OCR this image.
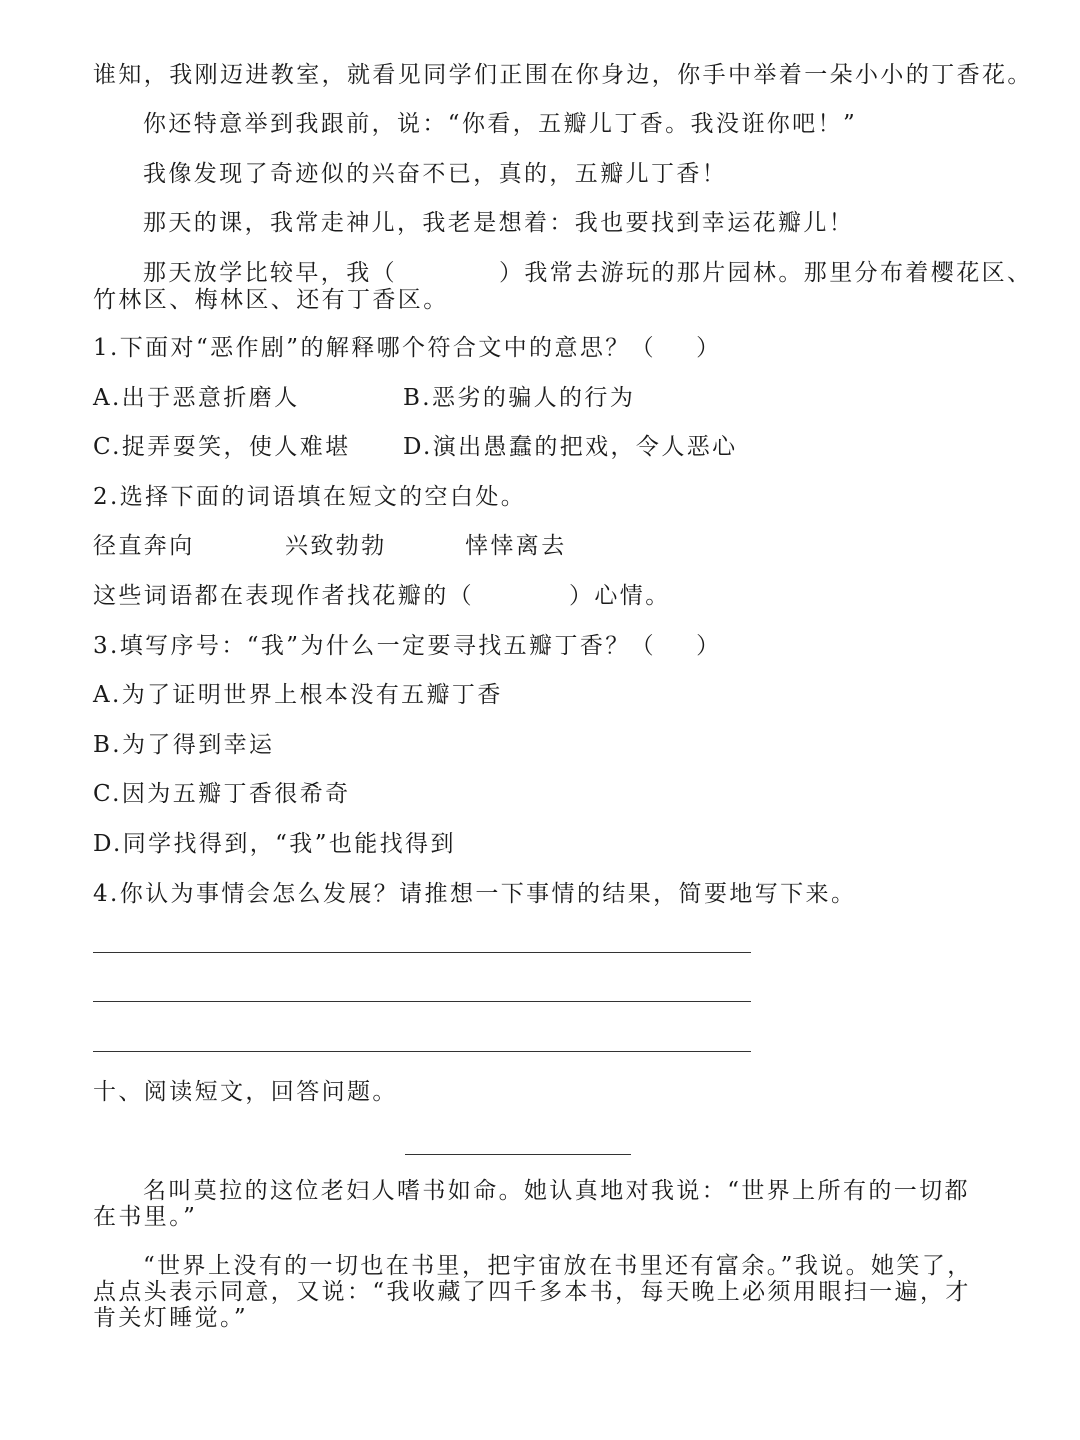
谁知，我刚迈进教室，就看见同学们正围在你身边，你手中举着一朵小小的丁香花。

你还特意举到我跟前，说：“你看，五瓣儿丁香。我没诳你吧！”

我像发现了奇迹似的兴奋不已，真的，五瓣儿丁香！

那天的课，我常走神儿，我老是想着：我也要找到幸运花瓣儿！

那天放学比较早，我（	）我常去游玩的那片园林。那里分布着樱花区、

竹林区、梅林区、还有丁香区。

1.下面对“恶作剧”的解释哪个符合文中的意思？（ ）

A.出于恶意折磨人	B.恶劣的骗人的行为

C.捉弄耍笑，使人难堪 D.演出愚蠢的把戏，令人恶心

2.选择下面的词语填在短文的空白处。

径直奔向	兴致勃勃	悻悻离去

这些词语都在表现作者找花瓣的（	）心情。

3.填写序号：“我”为什么一定要寻找五瓣丁香？（ ）

A.为了证明世界上根本没有五瓣丁香

B.为了得到幸运

C.因为五瓣丁香很希奇

D.同学找得到，“我”也能找得到

4.你认为事情会怎么发展？请推想一下事情的结果，简要地写下来。

十、阅读短文，回答问题。

名叫莫拉的这位老妇人嗜书如命。她认真地对我说：“世界上所有的一切都在书里。”

“世界上没有的一切也在书里，把宇宙放在书里还有富余。”我说。她笑了，点点头表示同意，又说：“我收藏了四千多本书，每天晚上必须用眼扫一遍，才肯关灯睡觉。”
